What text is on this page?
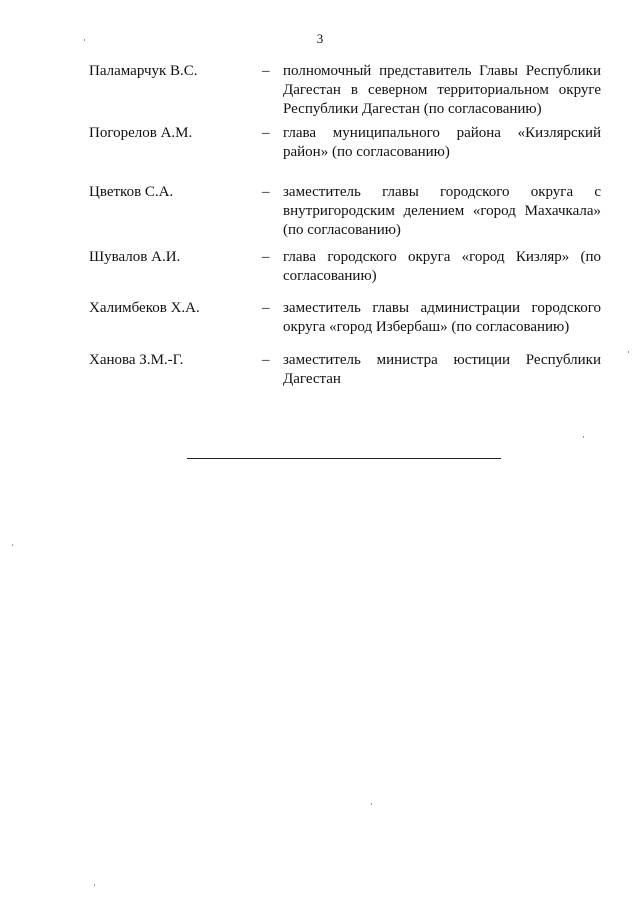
3
Паламарчук В.С.	– полномочный представитель Главы Республики Дагестан в северном территориальном округе Республики Дагестан (по согласованию)
Погорелов А.М.	– глава муниципального района «Кизлярский район» (по согласованию)
Цветков С.А.	– заместитель главы городского округа с внутригородским делением «город Махачкала» (по согласованию)
Шувалов А.И.	– глава городского округа «город Кизляр» (по согласованию)
Халимбеков Х.А.	– заместитель главы администрации городского округа «город Избербаш» (по согласованию)
Ханова З.М.-Г.	– заместитель министра юстиции Республики Дагестан
